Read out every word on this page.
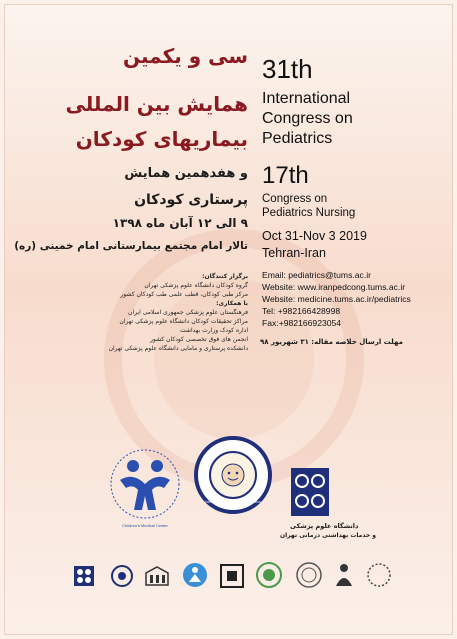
سی و یکمین
همایش بین المللی
بیماریهای کودکان
و هفدهمین همایش
پرستاری کودکان
۹ الی ۱۲ آبان ماه ۱۳۹۸
تالار امام مجتمع بیمارستانی امام خمینی (ره)
برگزار کنندگان:
گروه کودکان دانشگاه علوم پزشکی تهران
مرکز طبی کودکان، قطب علمی طب کودکان کشور
با همکاری:
فرهنگستان علوم پزشکی جمهوری اسلامی ایران
مراکز تحقیقات کودکان دانشگاه علوم پزشکی تهران
اداره کودک وزارت بهداشت
انجمن های فوق تخصصی کودکان کشور
دانشکده پرستاری و مامایی دانشگاه علوم پزشکی تهران
31th
International
Congress on
Pediatrics
17th
Congress on
Pediatrics Nursing
Oct 31-Nov 3 2019
Tehran-Iran
Email: pediatrics@tums.ac.ir
Website: www.iranpedcong.tums.ac.ir
Website: medicine.tums.ac.ir/pediatrics
Tel: +982166428998
Fax:+982166923054
مهلت ارسال خلاصه مقاله: ۳۱ شهریور ۹۸
Children's Medical Center
International Congress of Pediatrics
دانشگاه علوم پزشکی
و خدمات بهداشتی درمانی تهران
